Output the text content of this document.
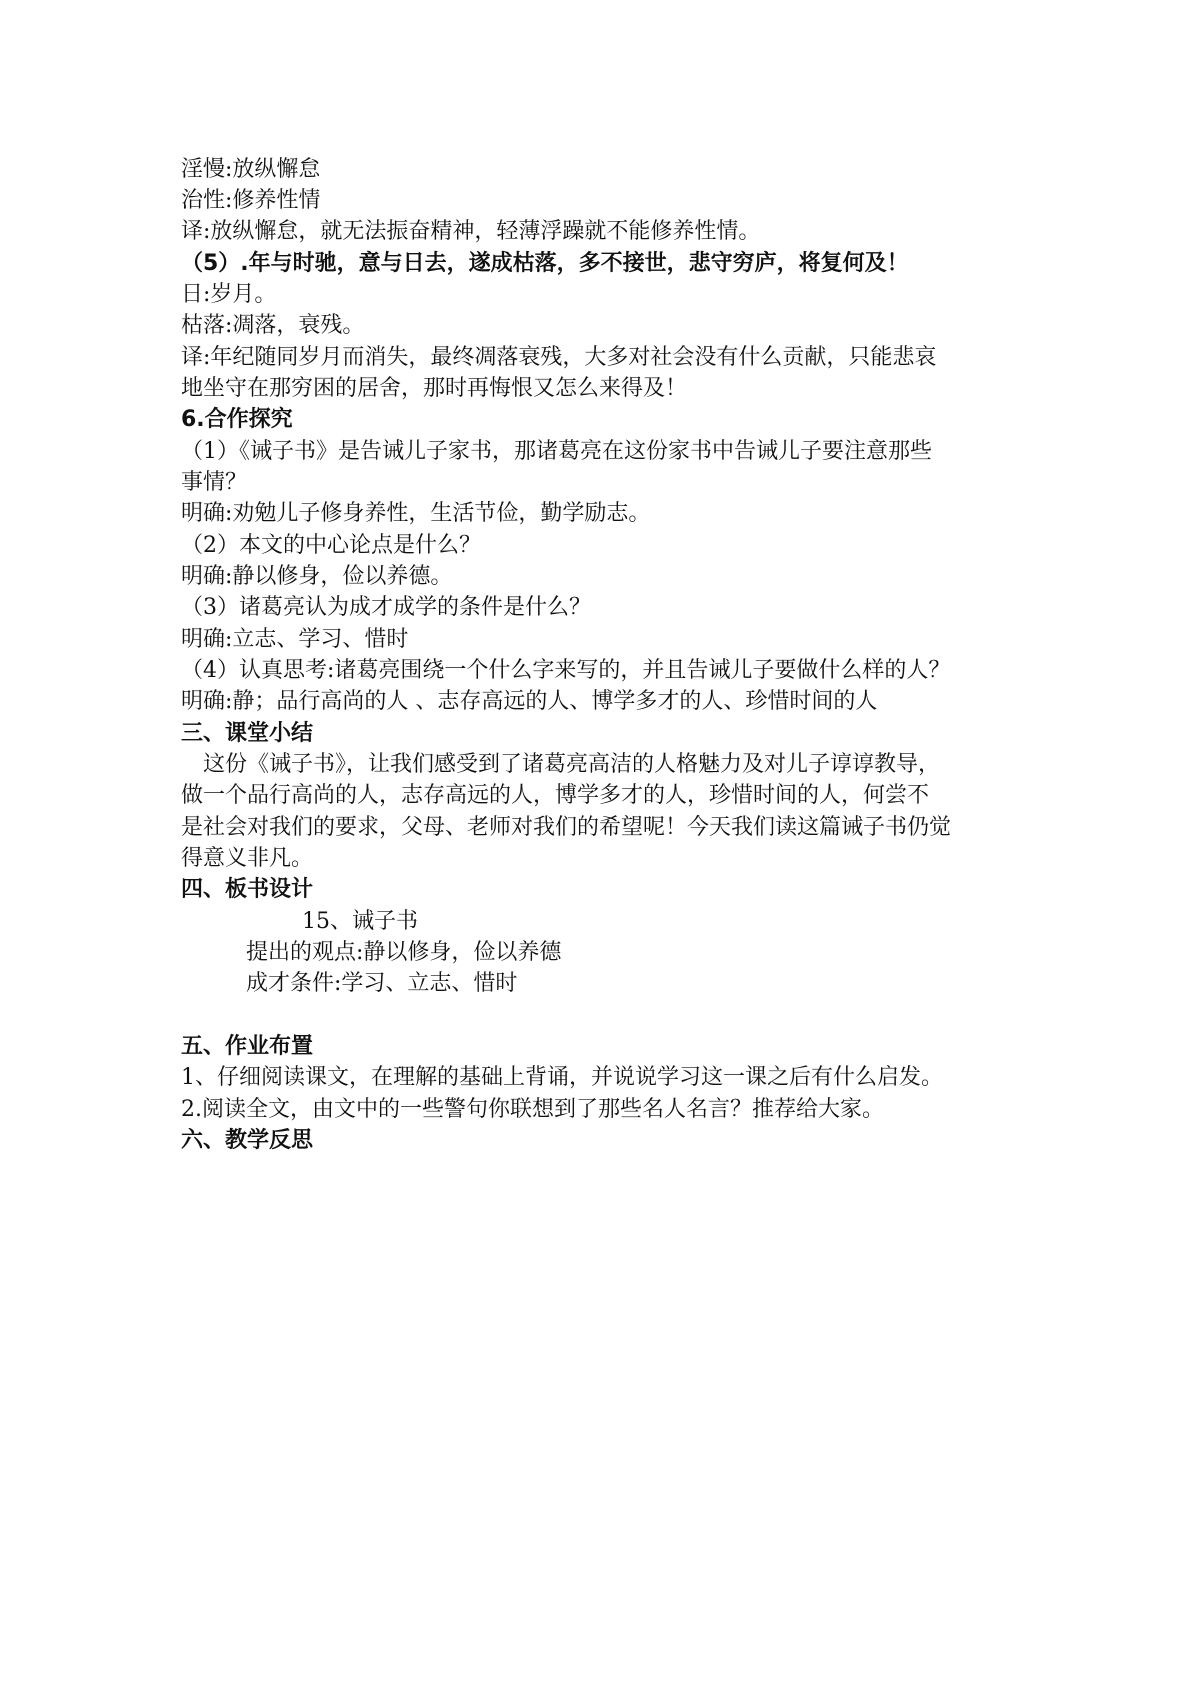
淫慢:放纵懈怠
治性:修养性情
译:放纵懈怠，就无法振奋精神，轻薄浮躁就不能修养性情。
（5）.年与时驰，意与日去，遂成枯落，多不接世，悲守穷庐，将复何及！
日:岁月。
枯落:凋落，衰残。
译:年纪随同岁月而消失，最终凋落衰残，大多对社会没有什么贡献，只能悲哀
地坐守在那穷困的居舍，那时再悔恨又怎么来得及！
6.合作探究
（1）《诫子书》是告诫儿子家书，那诸葛亮在这份家书中告诫儿子要注意那些
事情？
明确:劝勉儿子修身养性，生活节俭，勤学励志。
（2）本文的中心论点是什么？
明确:静以修身，俭以养德。
（3）诸葛亮认为成才成学的条件是什么？
明确:立志、学习、惜时
（4）认真思考:诸葛亮围绕一个什么字来写的，并且告诫儿子要做什么样的人？
明确:静；品行高尚的人 、志存高远的人、博学多才的人、珍惜时间的人
三、课堂小结
　这份《诫子书》，让我们感受到了诸葛亮高洁的人格魅力及对儿子谆谆教导，
做一个品行高尚的人，志存高远的人，博学多才的人，珍惜时间的人，何尝不
是社会对我们的要求，父母、老师对我们的希望呢！今天我们读这篇诫子书仍觉
得意义非凡。
四、板书设计
15、诫子书
提出的观点:静以修身，俭以养德
成才条件:学习、立志、惜时
五、作业布置
1、仔细阅读课文，在理解的基础上背诵，并说说学习这一课之后有什么启发。
2.阅读全文，由文中的一些警句你联想到了那些名人名言？推荐给大家。
六、教学反思
